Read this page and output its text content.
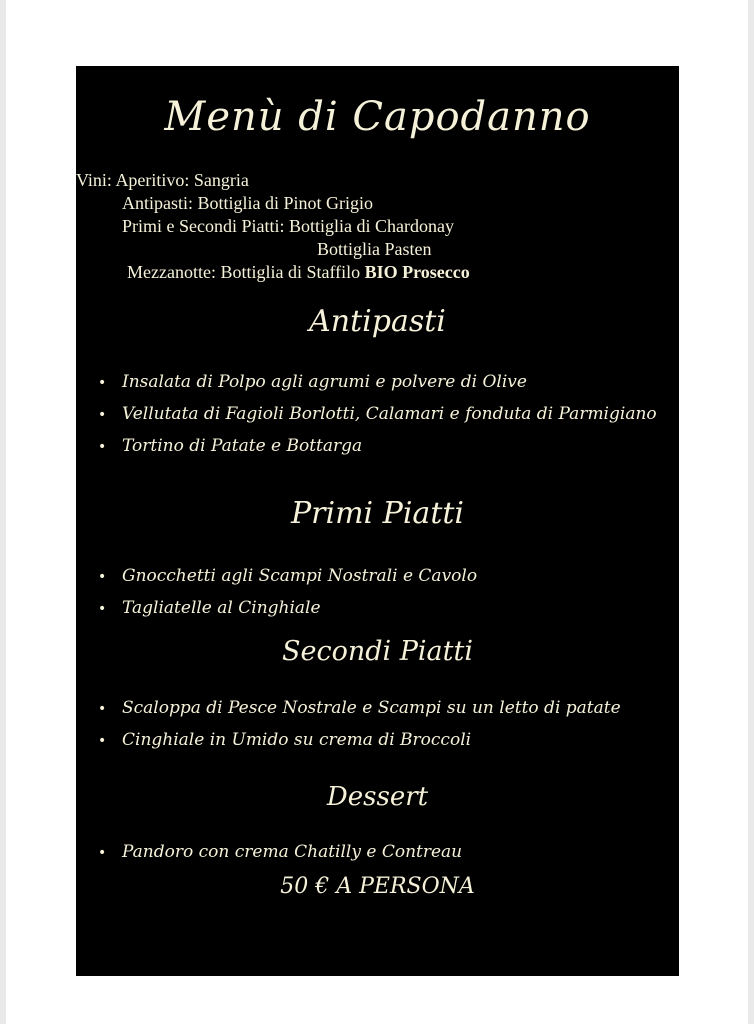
Menù di Capodanno
Vini: Aperitivo: Sangria
Antipasti: Bottiglia di Pinot Grigio
Primi e Secondi Piatti: Bottiglia di Chardonay
Bottiglia Pasten
Mezzanotte: Bottiglia di Staffilo BIO Prosecco
Antipasti
• Insalata di Polpo agli agrumi e polvere di Olive
• Vellutata di Fagioli Borlotti, Calamari e fonduta di Parmigiano
• Tortino di Patate e Bottarga
Primi Piatti
• Gnocchetti agli Scampi Nostrali e Cavolo
• Tagliatelle al Cinghiale
Secondi Piatti
• Scaloppa di Pesce Nostrale e Scampi su un letto di patate
• Cinghiale in Umido su crema di Broccoli
Dessert
• Pandoro con crema Chatilly e Contreau
50 € A PERSONA
